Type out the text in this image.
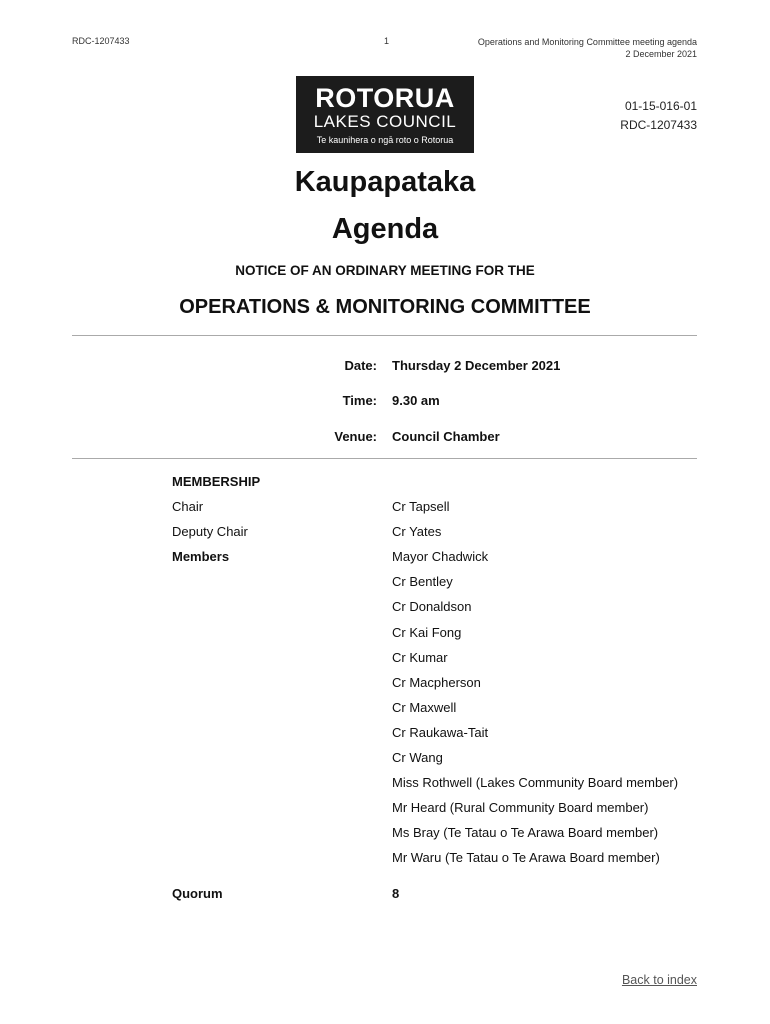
RDC-1207433	1	Operations and Monitoring Committee meeting agenda
2 December 2021
ROTORUA
LAKES COUNCIL
Te kaunihera o ngā roto o Rotorua
01-15-016-01
RDC-1207433
Kaupapataka
Agenda
NOTICE OF AN ORDINARY MEETING FOR THE
OPERATIONS & MONITORING COMMITTEE
Date: Thursday 2 December 2021
Time: 9.30 am
Venue: Council Chamber
MEMBERSHIP
Chair	Cr Tapsell
Deputy Chair	Cr Yates
Members	Mayor Chadwick
Cr Bentley
Cr Donaldson
Cr Kai Fong
Cr Kumar
Cr Macpherson
Cr Maxwell
Cr Raukawa-Tait
Cr Wang
Miss Rothwell (Lakes Community Board member)
Mr Heard (Rural Community Board member)
Ms Bray (Te Tatau o Te Arawa Board member)
Mr Waru (Te Tatau o Te Arawa Board member)
Quorum	8
Back to index
